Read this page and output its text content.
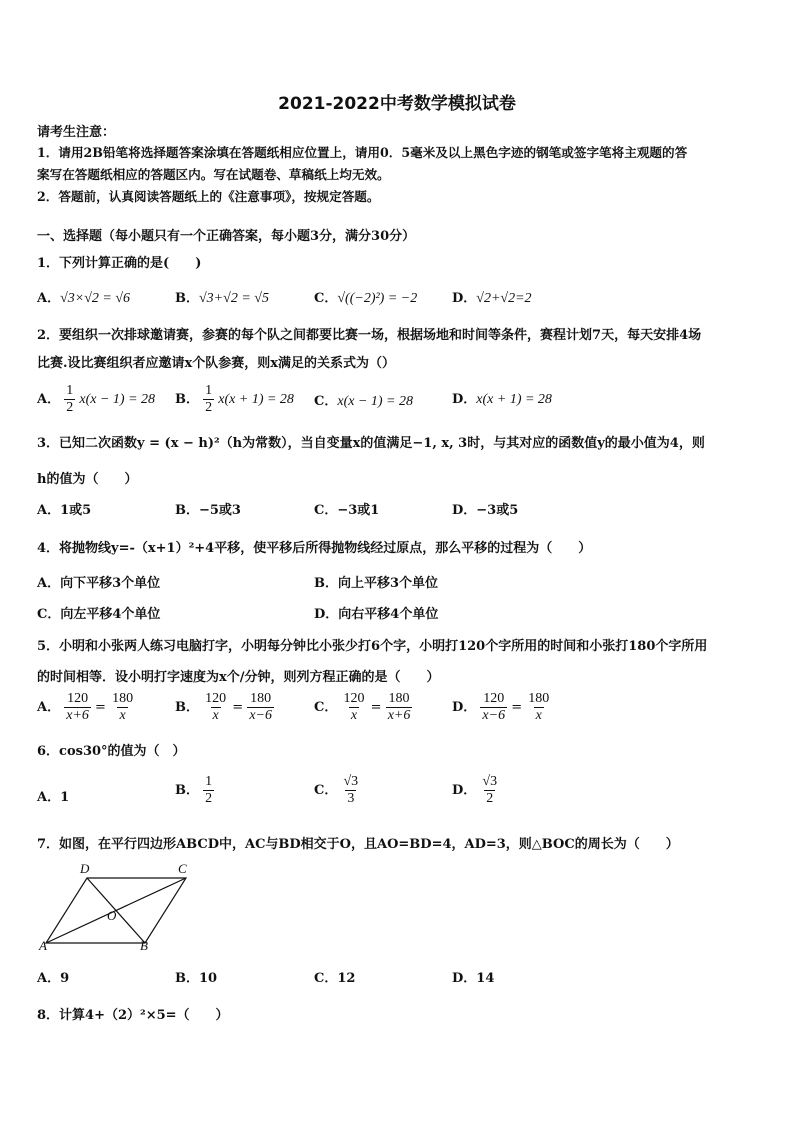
2021-2022中考数学模拟试卷
请考生注意：
1．请用2B铅笔将选择题答案涂填在答题纸相应位置上，请用0．5毫米及以上黑色字迹的钢笔或签字笔将主观题的答
案写在答题纸相应的答题区内。写在试题卷、草稿纸上均无效。
2．答题前，认真阅读答题纸上的《注意事项》，按规定答题。
一、选择题（每小题只有一个正确答案，每小题3分，满分30分）
1．下列计算正确的是(　　)
A．√3×√2 = √6	B．√3+√2 = √5	C．√((−2)²) = −2	D．√2+√2=2
2．要组织一次排球邀请赛，参赛的每个队之间都要比赛一场，根据场地和时间等条件，赛程计划7天，每天安排4场
比赛.设比赛组织者应邀请x个队参赛，则x满足的关系式为（）
A． $\frac{1}{2} x(x - 1) = 28$ B． $\frac{1}{2} x(x + 1) = 28$ C．x(x − 1) = 28	D．x(x + 1) = 28
3．已知二次函数y = (x − h)²（h为常数），当自变量x的值满足−1, x, 3时，与其对应的函数值y的最小值为4，则
h的值为（　　）
A．1或5	B．−5或3	C．−3或1	D．−3或5
4．将抛物线y=-（x+1）²+4平移，使平移后所得抛物线经过原点，那么平移的过程为（　　）
A．向下平移3个单位	B．向上平移3个单位
C．向左平移4个单位	D．向右平移4个单位
5．小明和小张两人练习电脑打字，小明每分钟比小张少打6个字，小明打120个字所用的时间和小张打180个字所用
的时间相等．设小明打字速度为x个/分钟，则列方程正确的是（　　）
A． $\frac{120}{x+6} = \frac{180}{x}$	B． $\frac{120}{x} = \frac{180}{x-6}$	C． $\frac{120}{x} = \frac{180}{x+6}$	D． $\frac{120}{x-6} = \frac{180}{x}$
6．cos30°的值为（　）
A．1	B． $\frac{1}{2}$	C． $\frac{√3}{3}$	D． $\frac{√3}{2}$
7．如图，在平行四边形ABCD中，AC与BD相交于O，且AO=BD=4，AD=3，则△BOC的周长为（　　）
A	B
C
D
O
A．9	B．10	C．12	D．14
8．计算4+（2）²×5=（　　）
